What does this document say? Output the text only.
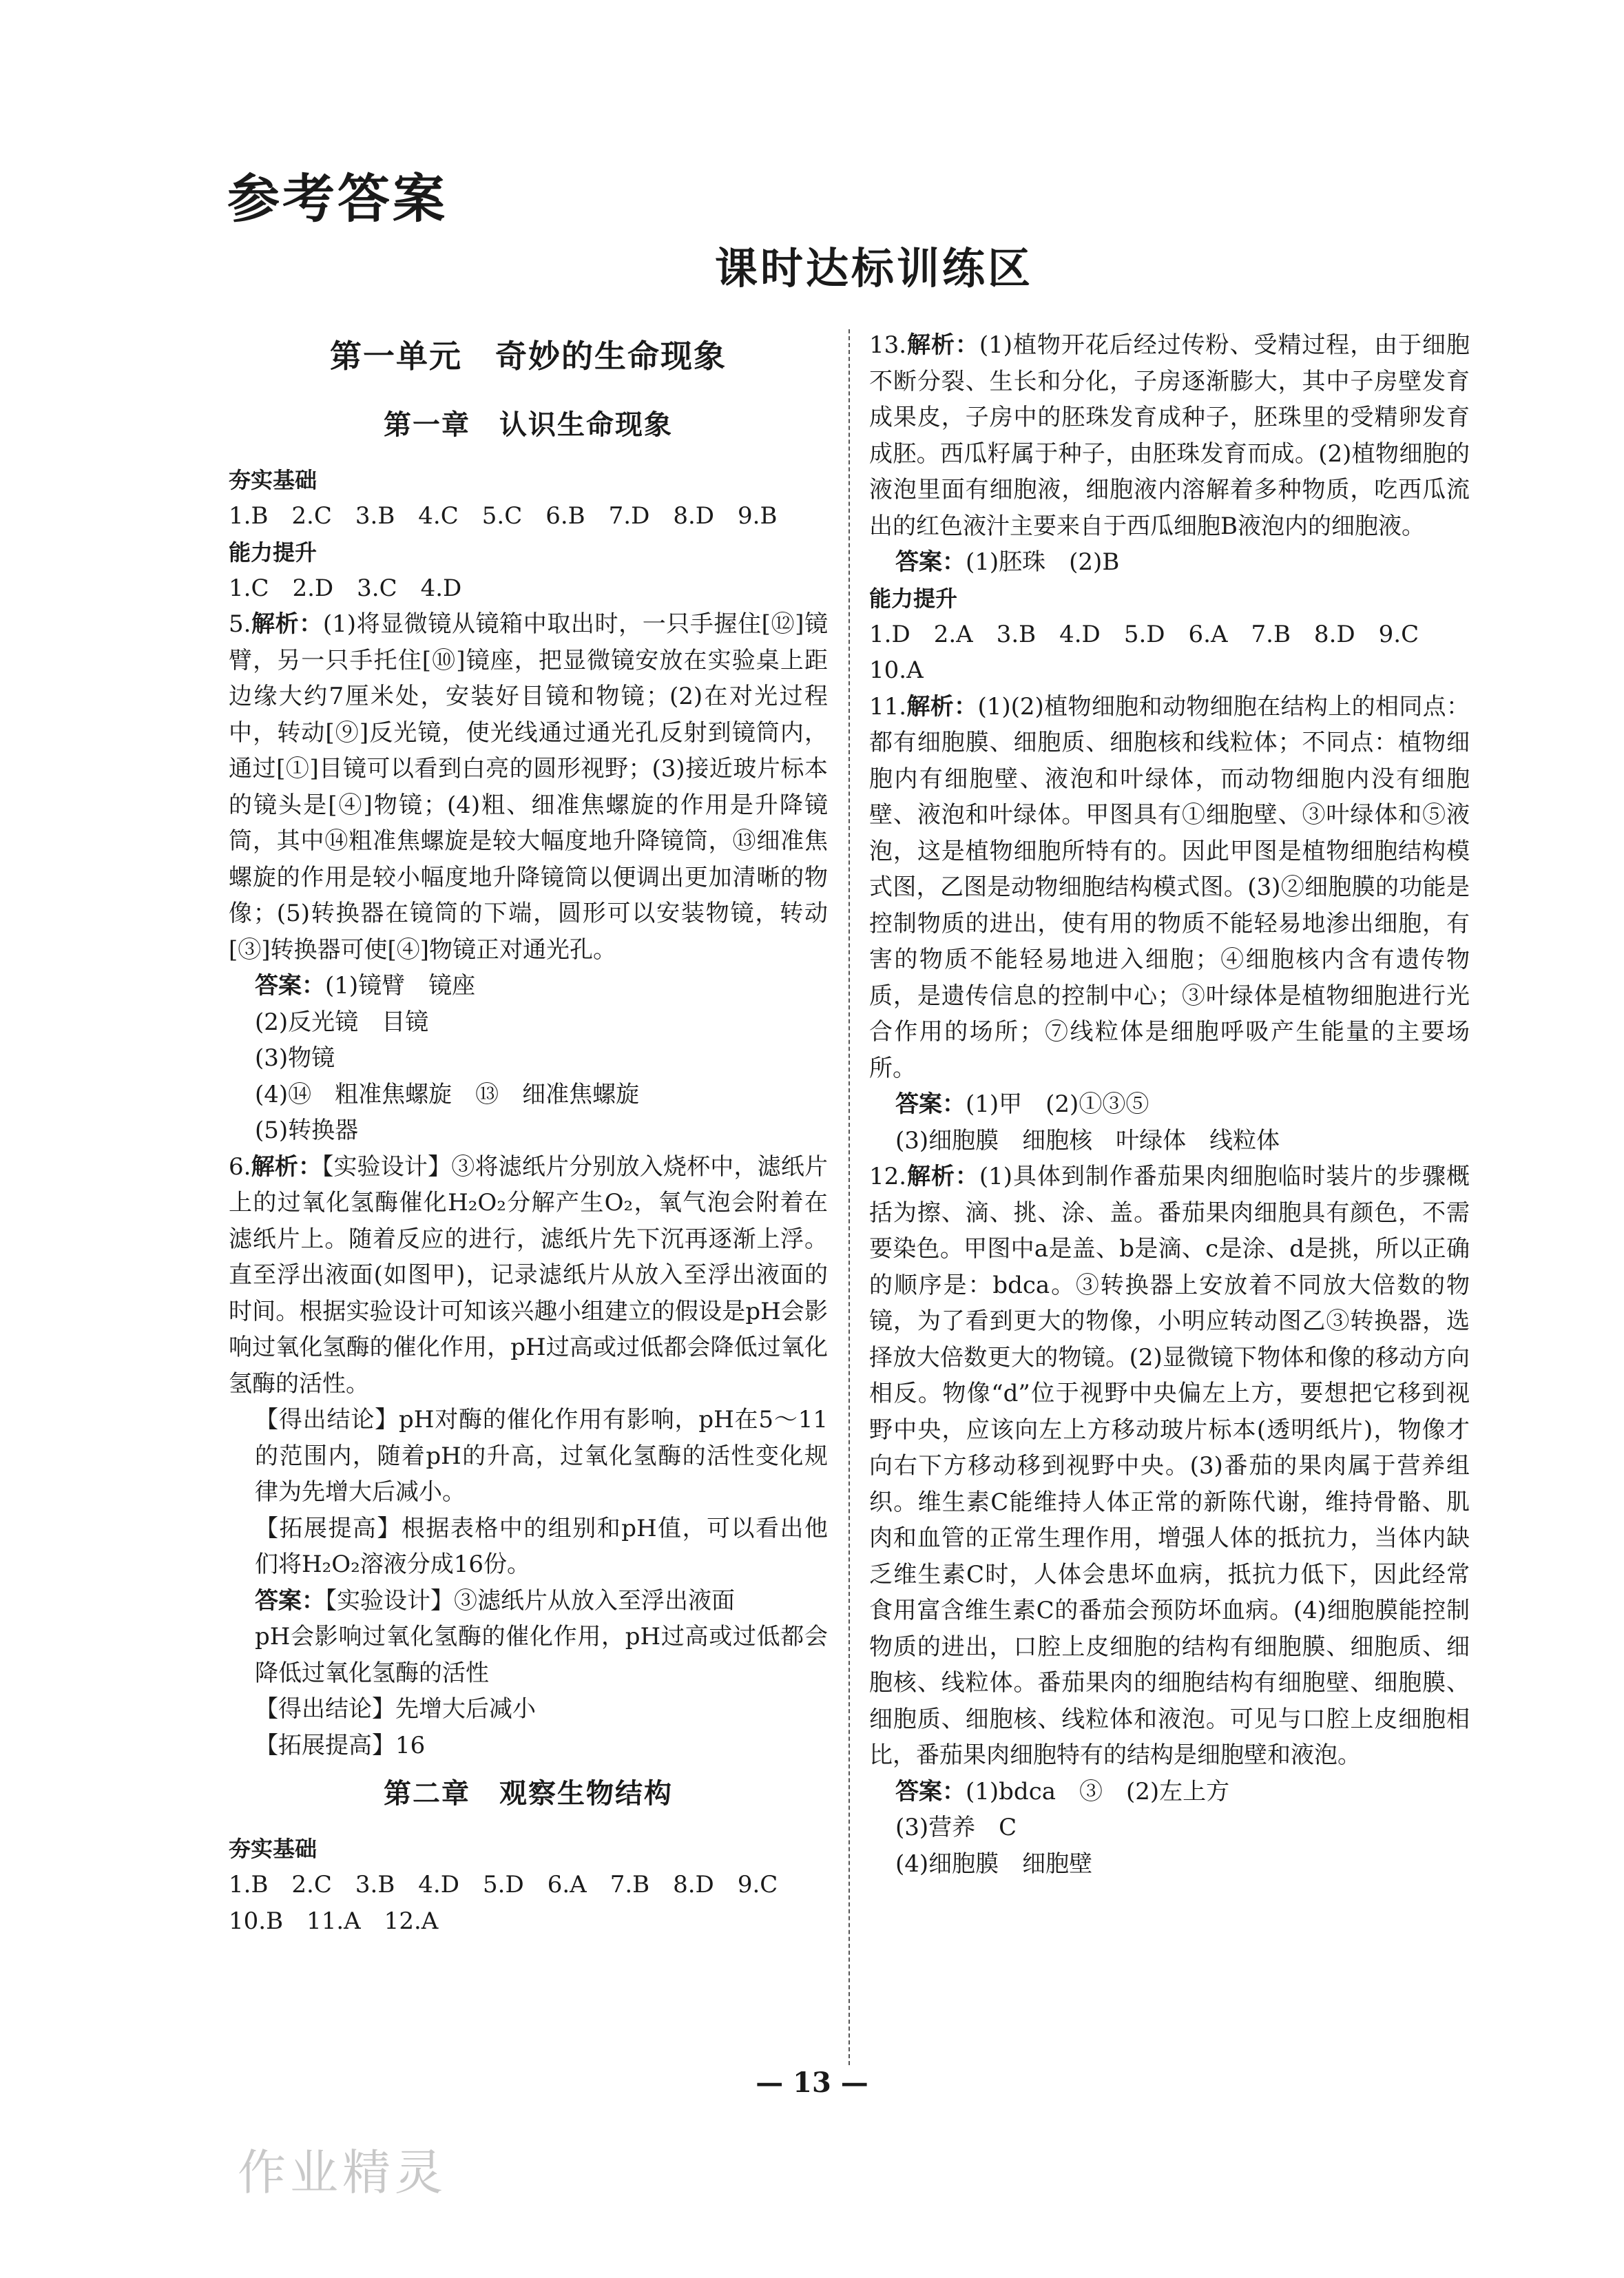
参考答案
课时达标训练区
第一单元　奇妙的生命现象
第一章　认识生命现象

夯实基础

1.B　2.C　3.B　4.C　5.C　6.B　7.D　8.D　9.B

能力提升

1.C　2.D　3.C　4.D

5.解析：(1)将显微镜从镜箱中取出时，一只手握住[⑫]镜臂，另一只手托住[⑩]镜座，把显微镜安放在实验桌上距边缘大约7厘米处，安装好目镜和物镜；(2)在对光过程中，转动[⑨]反光镜，使光线通过通光孔反射到镜筒内，通过[①]目镜可以看到白亮的圆形视野；(3)接近玻片标本的镜头是[④]物镜；(4)粗、细准焦螺旋的作用是升降镜筒，其中⑭粗准焦螺旋是较大幅度地升降镜筒，⑬细准焦螺旋的作用是较小幅度地升降镜筒以便调出更加清晰的物像；(5)转换器在镜筒的下端，圆形可以安装物镜，转动[③]转换器可使[④]物镜正对通光孔。

答案：(1)镜臂　镜座

(2)反光镜　目镜

(3)物镜

(4)⑭　粗准焦螺旋　⑬　细准焦螺旋

(5)转换器

6.解析：【实验设计】③将滤纸片分别放入烧杯中，滤纸片上的过氧化氢酶催化H₂O₂分解产生O₂，氧气泡会附着在滤纸片上。随着反应的进行，滤纸片先下沉再逐渐上浮。直至浮出液面(如图甲)，记录滤纸片从放入至浮出液面的时间。根据实验设计可知该兴趣小组建立的假设是pH会影响过氧化氢酶的催化作用，pH过高或过低都会降低过氧化氢酶的活性。

【得出结论】pH对酶的催化作用有影响，pH在5～11的范围内，随着pH的升高，过氧化氢酶的活性变化规律为先增大后减小。

【拓展提高】根据表格中的组别和pH值，可以看出他们将H₂O₂溶液分成16份。

答案：【实验设计】③滤纸片从放入至浮出液面

pH会影响过氧化氢酶的催化作用，pH过高或过低都会降低过氧化氢酶的活性

【得出结论】先增大后减小

【拓展提高】16

第二章　观察生物结构

夯实基础

1.B　2.C　3.B　4.D　5.D　6.A　7.B　8.D　9.C

10.B　11.A　12.A

13.解析：(1)植物开花后经过传粉、受精过程，由于细胞不断分裂、生长和分化，子房逐渐膨大，其中子房壁发育成果皮，子房中的胚珠发育成种子，胚珠里的受精卵发育成胚。西瓜籽属于种子，由胚珠发育而成。(2)植物细胞的液泡里面有细胞液，细胞液内溶解着多种物质，吃西瓜流出的红色液汁主要来自于西瓜细胞B液泡内的细胞液。

答案：(1)胚珠　(2)B

能力提升

1.D　2.A　3.B　4.D　5.D　6.A　7.B　8.D　9.C

10.A

11.解析：(1)(2)植物细胞和动物细胞在结构上的相同点：都有细胞膜、细胞质、细胞核和线粒体；不同点：植物细胞内有细胞壁、液泡和叶绿体，而动物细胞内没有细胞壁、液泡和叶绿体。甲图具有①细胞壁、③叶绿体和⑤液泡，这是植物细胞所特有的。因此甲图是植物细胞结构模式图，乙图是动物细胞结构模式图。(3)②细胞膜的功能是控制物质的进出，使有用的物质不能轻易地渗出细胞，有害的物质不能轻易地进入细胞；④细胞核内含有遗传物质，是遗传信息的控制中心；③叶绿体是植物细胞进行光合作用的场所；⑦线粒体是细胞呼吸产生能量的主要场所。

答案：(1)甲　(2)①③⑤

(3)细胞膜　细胞核　叶绿体　线粒体

12.解析：(1)具体到制作番茄果肉细胞临时装片的步骤概括为擦、滴、挑、涂、盖。番茄果肉细胞具有颜色，不需要染色。甲图中a是盖、b是滴、c是涂、d是挑，所以正确的顺序是：bdca。③转换器上安放着不同放大倍数的物镜，为了看到更大的物像，小明应转动图乙③转换器，选择放大倍数更大的物镜。(2)显微镜下物体和像的移动方向相反。物像“d”位于视野中央偏左上方，要想把它移到视野中央，应该向左上方移动玻片标本(透明纸片)，物像才向右下方移动移到视野中央。(3)番茄的果肉属于营养组织。维生素C能维持人体正常的新陈代谢，维持骨骼、肌肉和血管的正常生理作用，增强人体的抵抗力，当体内缺乏维生素C时，人体会患坏血病，抵抗力低下，因此经常食用富含维生素C的番茄会预防坏血病。(4)细胞膜能控制物质的进出，口腔上皮细胞的结构有细胞膜、细胞质、细胞核、线粒体。番茄果肉的细胞结构有细胞壁、细胞膜、细胞质、细胞核、线粒体和液泡。可见与口腔上皮细胞相比，番茄果肉细胞特有的结构是细胞壁和液泡。

答案：(1)bdca　③　(2)左上方

(3)营养　C

(4)细胞膜　细胞壁

— 13 —
作业精灵
